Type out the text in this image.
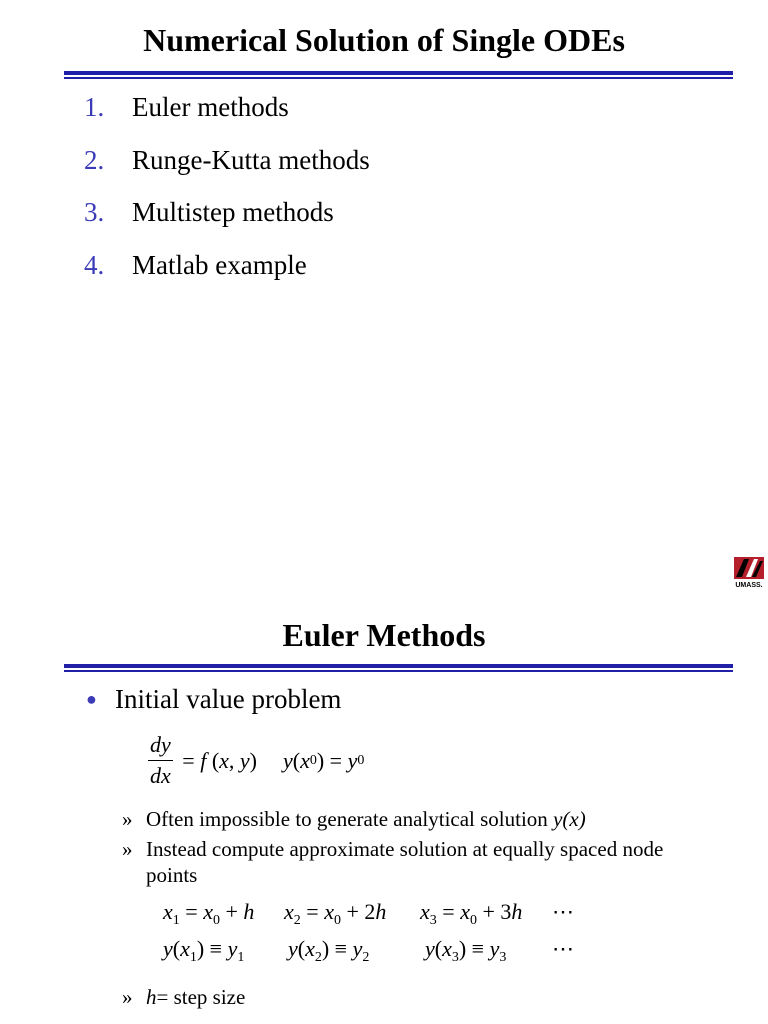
Numerical Solution of Single ODEs
1.	Euler methods
2.	Runge-Kutta methods
3.	Multistep methods
4.	Matlab example
UMASS.
Euler Methods
● Initial value problem
$\frac{dy}{dx} = f$ ( x , y ) y ( x 0 ) = y 0
» Often impossible to generate analytical solution y(x)
» Instead compute approximate solution at equally spaced node points
$x_1 = x_0 + h$	$x_2 = x_0 + 2h$	$x_3 = x_0 + 3h$	⋯
$y(x_1) \equiv y_1$	$y(x_2) \equiv y_2$	$y(x_3) \equiv y_3$	⋯
» h = step size
